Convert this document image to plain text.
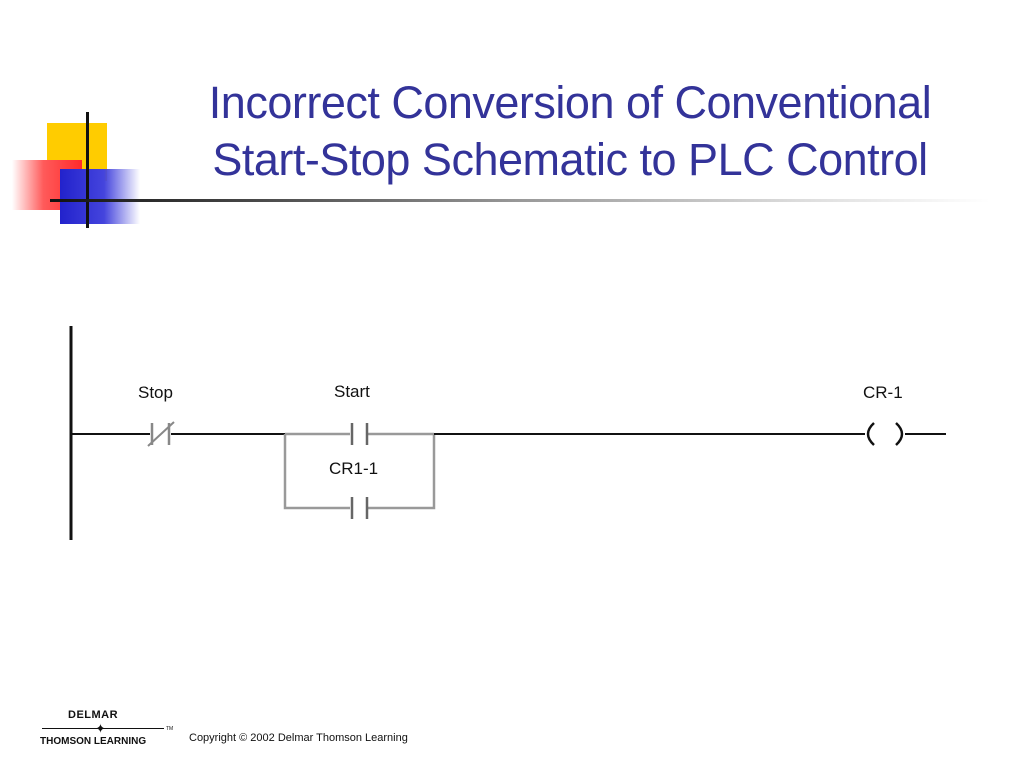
Incorrect Conversion of Conventional
Start-Stop Schematic to PLC Control
Stop	Start
CR1-1
CR-1
DELMAR
✦	TM
THOMSON LEARNING	Copyright © 2002 Delmar Thomson Learning
